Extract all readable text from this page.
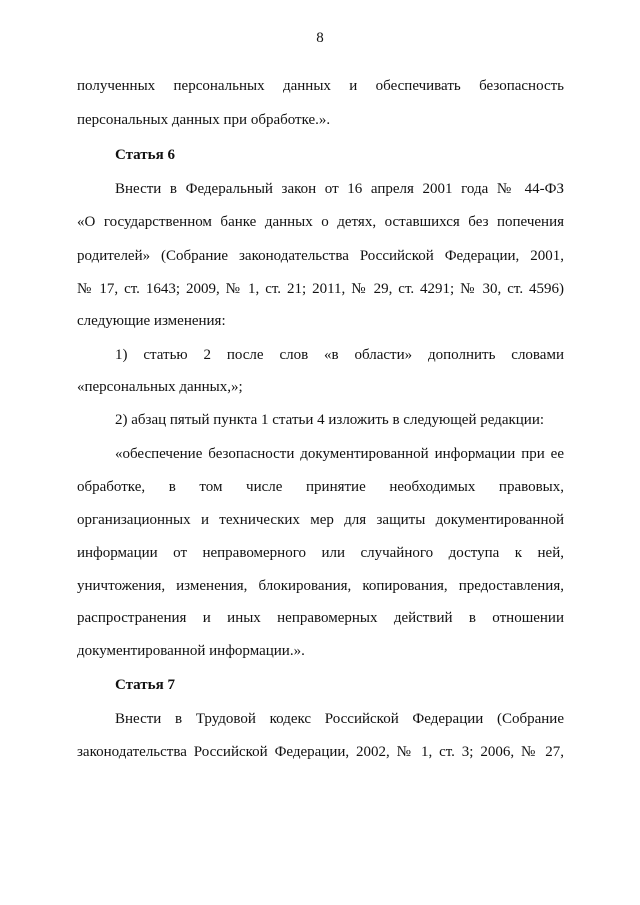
8
полученных персональных данных и обеспечивать безопасность
персональных данных при обработке.».
Статья 6
Внести в Федеральный закон от 16 апреля 2001 года № 44-ФЗ
«О государственном банке данных о детях, оставшихся без попечения
родителей» (Собрание законодательства Российской Федерации, 2001,
№ 17, ст. 1643; 2009, № 1, ст. 21; 2011, № 29, ст. 4291; № 30, ст. 4596)
следующие изменения:
1) статью 2 после слов «в области» дополнить словами
«персональных данных,»;
2) абзац пятый пункта 1 статьи 4 изложить в следующей редакции:
«обеспечение безопасности документированной информации при ее
обработке, в том числе принятие необходимых правовых,
организационных и технических мер для защиты документированной
информации от неправомерного или случайного доступа к ней,
уничтожения, изменения, блокирования, копирования, предоставления,
распространения и иных неправомерных действий в отношении
документированной информации.».
Статья 7
Внести в Трудовой кодекс Российской Федерации (Собрание
законодательства Российской Федерации, 2002, № 1, ст. 3; 2006, № 27,
